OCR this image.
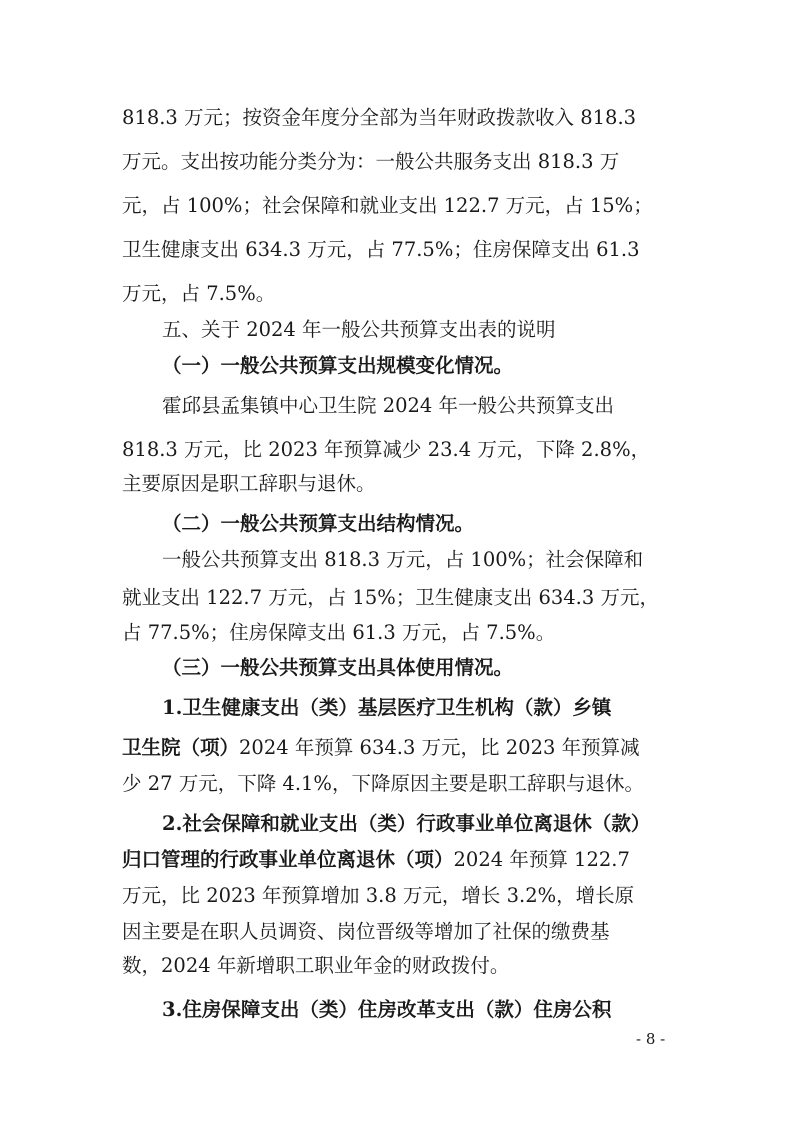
818.3 万元；按资金年度分全部为当年财政拨款收入 818.3
万元。支出按功能分类分为：一般公共服务支出 818.3 万
元，占 100%；社会保障和就业支出 122.7 万元，占 15%；
卫生健康支出 634.3 万元，占 77.5%；住房保障支出 61.3
万元，占 7.5%。
五、关于 2024 年一般公共预算支出表的说明
（一）一般公共预算支出规模变化情况。
霍邱县孟集镇中心卫生院 2024 年一般公共预算支出
818.3 万元，比 2023 年预算减少 23.4 万元，下降 2.8%，
主要原因是职工辞职与退休。
（二）一般公共预算支出结构情况。
一般公共预算支出 818.3 万元，占 100%；社会保障和
就业支出 122.7 万元，占 15%；卫生健康支出 634.3 万元，
占 77.5%；住房保障支出 61.3 万元，占 7.5%。
（三）一般公共预算支出具体使用情况。
1.卫生健康支出（类）基层医疗卫生机构（款）乡镇
卫生院（项）2024 年预算 634.3 万元，比 2023 年预算减
少 27 万元，下降 4.1%，下降原因主要是职工辞职与退休。
2.社会保障和就业支出（类）行政事业单位离退休（款）
归口管理的行政事业单位离退休（项）2024 年预算 122.7
万元，比 2023 年预算增加 3.8 万元，增长 3.2%，增长原
因主要是在职人员调资、岗位晋级等增加了社保的缴费基
数，2024 年新增职工职业年金的财政拨付。
3.住房保障支出（类）住房改革支出（款）住房公积
- 8 -
